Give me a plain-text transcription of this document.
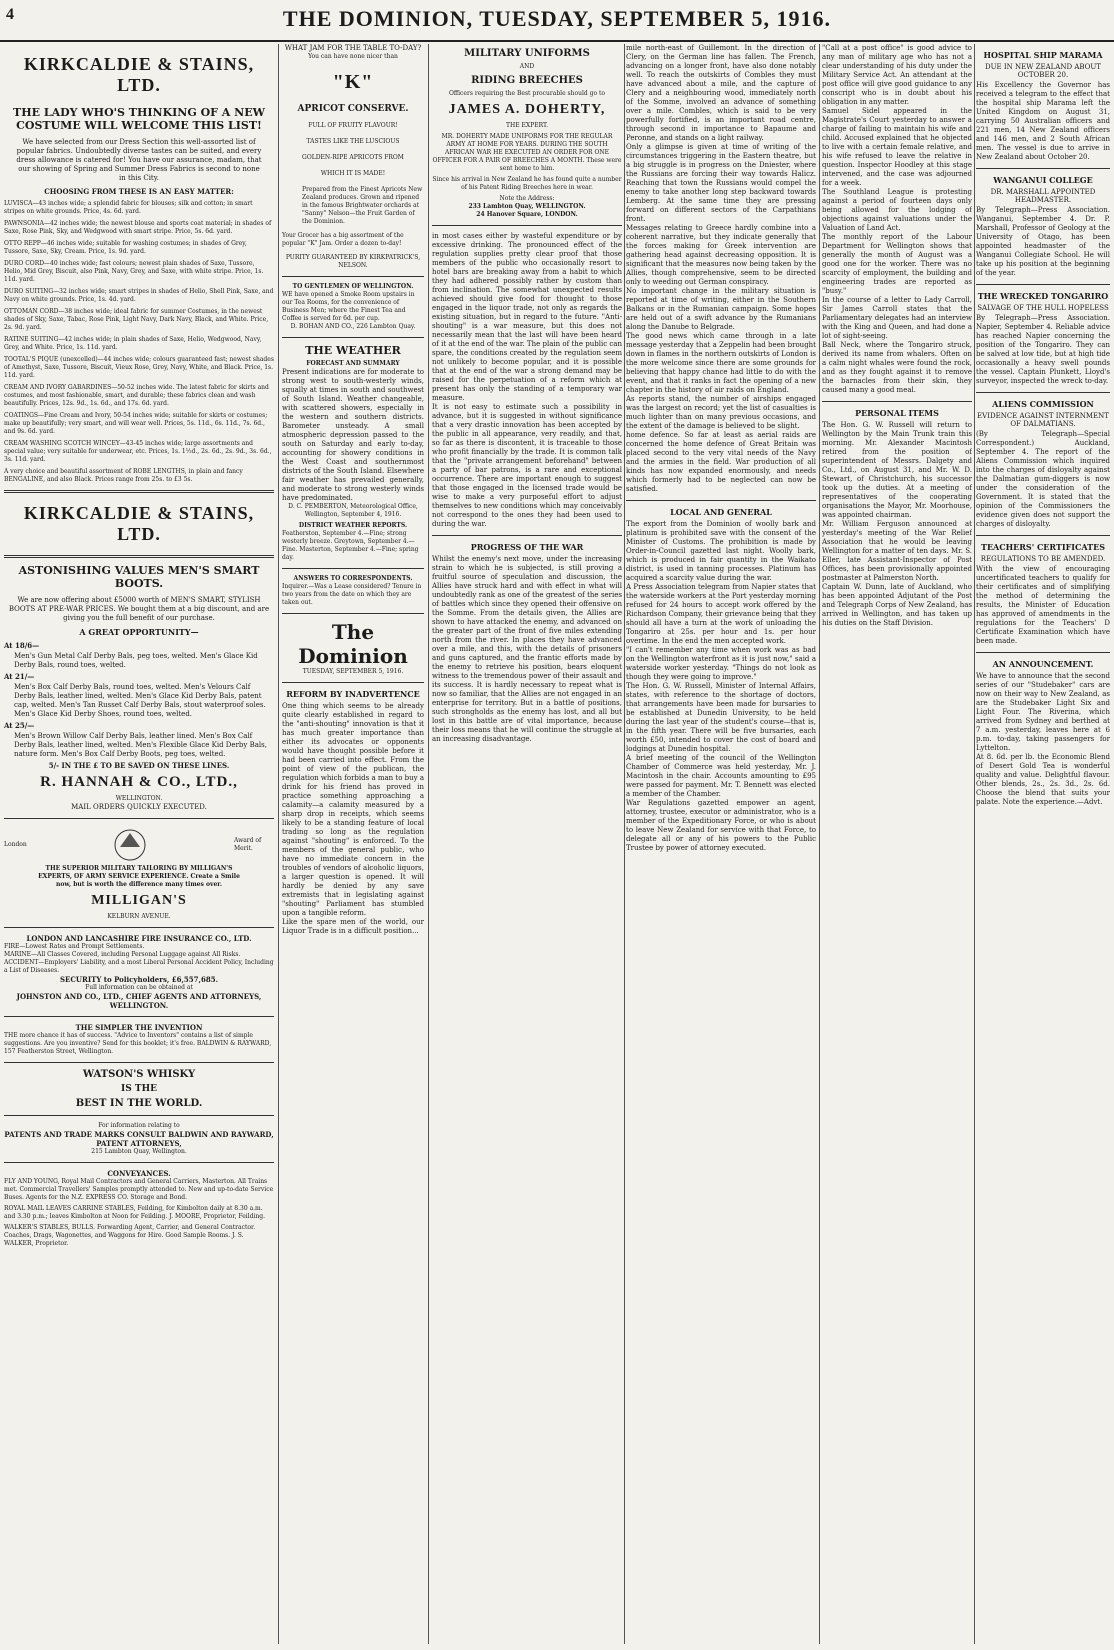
4	THE DOMINION, TUESDAY, SEPTEMBER 5, 1916.
KIRKCALDIE & STAINS, LTD.
THE LADY WHO'S THINKING OF A NEW COSTUME WILL WELCOME THIS LIST!
We have selected from our Dress Section this well-assorted list of popular fabrics. Undoubtedly diverse tastes can be suited, and every dress allowance is catered for! You have our assurance, madam, that our showing of Spring and Summer Dress Fabrics is second to none in this City.
CHOOSING FROM THESE IS AN EASY MATTER:

LUVISCA—43 inches wide; a splendid fabric for blouses; silk and cotton; in smart stripes on white grounds. Price, 4s. 6d. yard.

PAWNSONIA—42 inches wide; the newest blouse and sports coat material; in shades of Saxe, Rose Pink, Sky, and Wedgwood with smart stripe. Price, 5s. 6d. yard.

OTTO REPP—46 inches wide; suitable for washing costumes; in shades of Grey, Tussore, Saxe, Sky, Cream. Price, 1s. 9d. yard.

DURO CORD—40 inches wide; fast colours; newest plain shades of Saxe, Tussore, Helio, Mid Grey, Biscuit, also Pink, Navy, Grey, and Saxe, with white stripe. Price, 1s. 11d. yard.

DURO SUITING—32 inches wide; smart stripes in shades of Helio, Shell Pink, Saxe, and Navy on white grounds. Price, 1s. 4d. yard.

OTTOMAN CORD—38 inches wide; ideal fabric for summer Costumes, in the newest shades of Sky, Saxe, Tabac, Rose Pink, Light Navy, Dark Navy, Black, and White. Price, 2s. 9d. yard.

RATINE SUITING—42 inches wide; in plain shades of Saxe, Helio, Wedgwood, Navy, Grey, and White. Price, 1s. 11d. yard.

TOOTAL'S PIQUE (unexcelled)—44 inches wide; colours guaranteed fast; newest shades of Amethyst, Saxe, Tussore, Biscuit, Vieux Rose, Grey, Navy, White, and Black. Price, 1s. 11d. yard.

CREAM AND IVORY GABARDINES—50-52 inches wide. The latest fabric for skirts and costumes, and most fashionable, smart, and durable; these fabrics clean and wash beautifully. Prices, 12s. 9d., 1s. 6d., and 17s. 6d. yard.

COATINGS—Fine Cream and Ivory, 50-54 inches wide; suitable for skirts or costumes; make up beautifully; very smart, and will wear well. Prices, 5s. 11d., 6s. 11d., 7s. 6d., and 9s. 6d. yard.

CREAM WASHING SCOTCH WINCEY—43-45 inches wide; large assortments and special value; very suitable for underwear, etc. Prices, 1s. 1½d., 2s. 6d., 2s. 9d., 3s. 6d., 3s. 11d. yard.

A very choice and beautiful assortment of ROBE LENGTHS, in plain and fancy BENGALINE, and also Black. Prices range from 25s. to £3 5s.

KIRKCALDIE & STAINS, LTD.
ASTONISHING VALUES MEN'S SMART BOOTS.
We are now offering about £5000 worth of MEN'S SMART, STYLISH BOOTS AT PRE-WAR PRICES. We bought them at a big discount, and are giving you the full benefit of our purchase.
A GREAT OPPORTUNITY—
At 18/6—
Men's Gun Metal Calf Derby Bals, peg toes, welted. Men's Glace Kid Derby Bals, round toes, welted.
At 21/—
Men's Box Calf Derby Bals, round toes, welted. Men's Velours Calf Derby Bals, leather lined, welted. Men's Glace Kid Derby Bals, patent cap, welted. Men's Tan Russet Calf Derby Bals, stout waterproof soles. Men's Glace Kid Derby Shoes, round toes, welted.
At 25/—
Men's Brown Willow Calf Derby Bals, leather lined. Men's Box Calf Derby Bals, leather lined, welted. Men's Flexible Glace Kid Derby Bals, nature form. Men's Box Calf Derby Boots, peg toes, welted.
5/- IN THE £ TO BE SAVED ON THESE LINES.
R. HANNAH & CO., LTD.,
WELLINGTON.
MAIL ORDERS QUICKLY EXECUTED.
London
Award of Merit.
THE SUPERIOR MILITARY TAILORING BY MILLIGAN'S EXPERTS, OF ARMY SERVICE EXPERIENCE. Create a Smile now, but is worth the difference many times over.
MILLIGAN'S
KELBURN AVENUE.
LONDON AND LANCASHIRE FIRE INSURANCE CO., LTD.
FIRE—Lowest Rates and Prompt Settlements.
MARINE—All Classes Covered, including Personal Luggage against All Risks.
ACCIDENT—Employers' Liability, and a most Liberal Personal Accident Policy, Including a List of Diseases.
SECURITY to Policyholders, £6,557,685.
Full information can be obtained at
JOHNSTON AND CO., LTD., CHIEF AGENTS AND ATTORNEYS, WELLINGTON.
THE SIMPLER THE INVENTION
THE more chance it has of success. "Advice to Inventors" contains a list of simple suggestions. Are you inventive? Send for this booklet; it's free. BALDWIN & RAYWARD, 157 Featherston Street, Wellington.
WATSON'S WHISKY
IS THE
BEST IN THE WORLD.
For information relating to
PATENTS AND TRADE MARKS CONSULT BALDWIN AND RAYWARD, PATENT ATTORNEYS,
215 Lambton Quay, Wellington.
CONVEYANCES.
FLY AND YOUNG, Royal Mail Contractors and General Carriers, Masterton. All Trains met. Commercial Travellers' Samples promptly attended to. New and up-to-date Service Buses. Agents for the N.Z. EXPRESS CO. Storage and Bond.
ROYAL MAIL LEAVES CARRINE STABLES, Feilding, for Kimbolton daily at 8.30 a.m. and 3.30 p.m.; leaves Kimbolton at Noon for Feilding. J. MOORE, Proprietor, Feilding.
WALKER'S STABLES, BULLS. Forwarding Agent, Carrier, and General Contractor. Coaches, Drags, Wagonettes, and Waggons for Hire. Good Sample Rooms. J. S. WALKER, Proprietor.
WHAT JAM FOR THE TABLE TO-DAY?
You can have none nicer than
"K"
APRICOT CONSERVE.
FULL OF FRUITY FLAVOUR!
TASTES LIKE THE LUSCIOUS
GOLDEN-RIPE APRICOTS FROM
WHICH IT IS MADE!
Prepared from the Finest Apricots New Zealand produces. Grown and ripened in the famous Brightwater orchards at "Sanny" Nelson—the Fruit Garden of the Dominion.
Your Grocer has a big assortment of the popular "K" Jam. Order a dozen to-day!
PURITY GUARANTEED BY KIRKPATRICK'S, NELSON.
TO GENTLEMEN OF WELLINGTON.
WE have opened a Smoke Room upstairs in our Tea Rooms, for the convenience of Business Men; where the Finest Tea and Coffee is served for 6d. per cup.
D. BOHAN AND CO., 226 Lambton Quay.
THE WEATHER
FORECAST AND SUMMARY
Present indications are for moderate to strong west to south-westerly winds, squally at times in south and southwest of South Island. Weather changeable, with scattered showers, especially in the western and southern districts. Barometer unsteady. A small atmospheric depression passed to the south on Saturday and early to-day, accounting for showery conditions in the West Coast and southernmost districts of the South Island. Elsewhere fair weather has prevailed generally, and moderate to strong westerly winds have predominated.
D. C. PEMBERTON, Meteorological Office, Wellington, September 4, 1916.
DISTRICT WEATHER REPORTS.
Featherston, September 4.—Fine; strong westerly breeze. Greytown, September 4.—Fine. Masterton, September 4.—Fine; spring day.
ANSWERS TO CORRESPONDENTS.
Inquirer.—Was a Lease considered? Tenure in two years from the date on which they are taken out.
The Dominion
TUESDAY, SEPTEMBER 5, 1916.
REFORM BY INADVERTENCE
One thing which seems to be already quite clearly established in regard to the "anti-shouting" innovation is that it has much greater importance than either its advocates or opponents would have thought possible before it had been carried into effect. From the point of view of the publican, the regulation which forbids a man to buy a drink for his friend has proved in practice something approaching a calamity—a calamity measured by a sharp drop in receipts, which seems likely to be a standing feature of local trading so long as the regulation against "shouting" is enforced. To the members of the general public, who have no immediate concern in the troubles of vendors of alcoholic liquors, a larger question is opened. It will hardly be denied by any save extremists that in legislating against "shouting" Parliament has stumbled upon a tangible reform.
Like the spare men of the world, our Liquor Trade is in a difficult position...
MILITARY UNIFORMS
AND
RIDING BREECHES
Officers requiring the Best procurable should go to
JAMES A. DOHERTY,
THE EXPERT.
MR. DOHERTY MADE UNIFORMS FOR THE REGULAR ARMY AT HOME FOR YEARS. DURING THE SOUTH AFRICAN WAR HE EXECUTED AN ORDER FOR ONE OFFICER FOR A PAIR OF BREECHES A MONTH. These were sent home to him.
Since his arrival in New Zealand he has found quite a number of his Patent Riding Breeches here in wear.
Note the Address:
233 Lambton Quay, WELLINGTON.
24 Hanover Square, LONDON.
in most cases either by wasteful expenditure or by excessive drinking. The pronounced effect of the regulation supplies pretty clear proof that those members of the public who occasionally resort to hotel bars are breaking away from a habit to which they had adhered possibly rather by custom than from inclination. The somewhat unexpected results achieved should give food for thought to those engaged in the liquor trade, not only as regards the existing situation, but in regard to the future. "Anti-shouting" is a war measure, but this does not necessarily mean that the last will have been heard of it at the end of the war. The plain of the public can spare, the conditions created by the regulation seem not unlikely to become popular, and it is possible that at the end of the war a strong demand may be raised for the perpetuation of a reform which at present has only the standing of a temporary war measure.
It is not easy to estimate such a possibility in advance, but it is suggested in without significance that a very drastic innovation has been accepted by the public in all appearance, very readily, and that, so far as there is discontent, it is traceable to those who profit financially by the trade. It is common talk that the "private arrangement beforehand" between a party of bar patrons, is a rare and exceptional occurrence. There are important enough to suggest that those engaged in the licensed trade would be wise to make a very purposeful effort to adjust themselves to new conditions which may conceivably not correspond to the ones they had been used to during the war.
PROGRESS OF THE WAR
Whilst the enemy's next move, under the increasing strain to which he is subjected, is still proving a fruitful source of speculation and discussion, the Allies have struck hard and with effect in what will undoubtedly rank as one of the greatest of the series of battles which since they opened their offensive on the Somme. From the details given, the Allies are shown to have attacked the enemy, and advanced on the greater part of the front of five miles extending north from the river. In places they have advanced over a mile, and this, with the details of prisoners and guns captured, and the frantic efforts made by the enemy to retrieve his position, bears eloquent witness to the tremendous power of their assault and its success. It is hardly necessary to repeat what is now so familiar, that the Allies are not engaged in an enterprise for territory. But in a battle of positions, such strongholds as the enemy has lost, and all but lost in this battle are of vital importance, because their loss means that he will continue the struggle at an increasing disadvantage.
mile north-east of Guillemont. In the direction of Clery, on the German line has fallen. The French, advancing on a longer front, have also done notably well. To reach the outskirts of Combles they must have advanced about a mile, and the capture of Clery and a neighbouring wood, immediately north of the Somme, involved an advance of something over a mile. Combles, which is said to be very powerfully fortified, is an important road centre, through second in importance to Bapaume and Peronne, and stands on a light railway.
Only a glimpse is given at time of writing of the circumstances triggering in the Eastern theatre, but a big struggle is in progress on the Dniester, where the Russians are forcing their way towards Halicz. Reaching that town the Russians would compel the enemy to take another long step backward towards Lemberg. At the same time they are pressing forward on different sectors of the Carpathians front.
Messages relating to Greece hardly combine into a coherent narrative, but they indicate generally that the forces making for Greek intervention are gathering head against decreasing opposition. It is significant that the measures now being taken by the Allies, though comprehensive, seem to be directed only to weeding out German conspiracy.
No important change in the military situation is reported at time of writing, either in the Southern Balkans or in the Rumanian campaign. Some hopes are held out of a swift advance by the Rumanians along the Danube to Belgrade.
The good news which came through in a late message yesterday that a Zeppelin had been brought down in flames in the northern outskirts of London is the more welcome since there are some grounds for believing that happy chance had little to do with the event, and that it ranks in fact the opening of a new chapter in the history of air raids on England.
As reports stand, the number of airships engaged was the largest on record; yet the list of casualties is much lighter than on many previous occasions, and the extent of the damage is believed to be slight.
home defence. So far at least as aerial raids are concerned the home defence of Great Britain was placed second to the very vital needs of the Navy and the armies in the field. War production of all kinds has now expanded enormously, and needs which formerly had to be neglected can now be satisfied.
LOCAL AND GENERAL
The export from the Dominion of woolly bark and platinum is prohibited save with the consent of the Minister of Customs. The prohibition is made by Order-in-Council gazetted last night. Woolly bark, which is produced in fair quantity in the Waikato district, is used in tanning processes. Platinum has acquired a scarcity value during the war.
A Press Association telegram from Napier states that the waterside workers at the Port yesterday morning refused for 24 hours to accept work offered by the Richardson Company, their grievance being that they should all have a turn at the work of unloading the Tongariro at 25s. per hour and 1s. per hour overtime. In the end the men accepted work.
"I can't remember any time when work was as bad on the Wellington waterfront as it is just now," said a waterside worker yesterday. "Things do not look as though they were going to improve."
The Hon. G. W. Russell, Minister of Internal Affairs, states, with reference to the shortage of doctors, that arrangements have been made for bursaries to be established at Dunedin University, to be held during the last year of the student's course—that is, in the fifth year. There will be five bursaries, each worth £50, intended to cover the cost of board and lodgings at Dunedin hospital.
A brief meeting of the council of the Wellington Chamber of Commerce was held yesterday, Mr. J. Macintosh in the chair. Accounts amounting to £95 were passed for payment. Mr. T. Bennett was elected a member of the Chamber.
War Regulations gazetted empower an agent, attorney, trustee, executor or administrator, who is a member of the Expeditionary Force, or who is about to leave New Zealand for service with that Force, to delegate all or any of his powers to the Public Trustee by power of attorney executed.
"Call at a post office" is good advice to any man of military age who has not a clear understanding of his duty under the Military Service Act. An attendant at the post office will give good guidance to any conscript who is in doubt about his obligation in any matter.
Samuel Sidel appeared in the Magistrate's Court yesterday to answer a charge of failing to maintain his wife and child. Accused explained that he objected to live with a certain female relative, and his wife refused to leave the relative in question. Inspector Hoodley at this stage intervened, and the case was adjourned for a week.
The Southland League is protesting against a period of fourteen days only being allowed for the lodging of objections against valuations under the Valuation of Land Act.
The monthly report of the Labour Department for Wellington shows that generally the month of August was a good one for the worker. There was no scarcity of employment, the building and engineering trades are reported as "busy."
In the course of a letter to Lady Carroll, Sir James Carroll states that the Parliamentary delegates had an interview with the King and Queen, and had done a lot of sight-seeing.
Ball Neck, where the Tongariro struck, derived its name from whalers. Often on a calm night whales were found the rock, and as they fought against it to remove the barnacles from their skin, they caused many a good meal.
PERSONAL ITEMS
The Hon. G. W. Russell will return to Wellington by the Main Trunk train this morning. Mr. Alexander Macintosh retired from the position of superintendent of Messrs. Dalgety and Co., Ltd., on August 31, and Mr. W. D. Stewart, of Christchurch, his successor took up the duties. At a meeting of representatives of the cooperating organisations the Mayor, Mr. Moorhouse, was appointed chairman.
Mr. William Ferguson announced at yesterday's meeting of the War Relief Association that he would be leaving Wellington for a matter of ten days. Mr. S. Eller, late Assistant-Inspector of Post Offices, has been provisionally appointed postmaster at Palmerston North.
Captain W. Dunn, late of Auckland, who has been appointed Adjutant of the Post and Telegraph Corps of New Zealand, has arrived in Wellington, and has taken up his duties on the Staff Division.
HOSPITAL SHIP MARAMA
DUE IN NEW ZEALAND ABOUT OCTOBER 20.
His Excellency the Governor has received a telegram to the effect that the hospital ship Marama left the United Kingdom on August 31, carrying 50 Australian officers and 221 men, 14 New Zealand officers and 146 men, and 2 South African men. The vessel is due to arrive in New Zealand about October 20.
WANGANUI COLLEGE
DR. MARSHALL APPOINTED HEADMASTER.
By Telegraph—Press Association. Wanganui, September 4. Dr. P. Marshall, Professor of Geology at the University of Otago, has been appointed headmaster of the Wanganui Collegiate School. He will take up his position at the beginning of the year.
THE WRECKED TONGARIRO
SALVAGE OF THE HULL HOPELESS
By Telegraph—Press Association. Napier, September 4. Reliable advice has reached Napier concerning the position of the Tongariro. They can be salved at low tide, but at high tide occasionally a heavy swell pounds the vessel. Captain Plunkett, Lloyd's surveyor, inspected the wreck to-day.
ALIENS COMMISSION
EVIDENCE AGAINST INTERNMENT OF DALMATIANS.
(By Telegraph—Special Correspondent.) Auckland, September 4. The report of the Aliens Commission which inquired into the charges of disloyalty against the Dalmatian gum-diggers is now under the consideration of the Government. It is stated that the opinion of the Commissioners the evidence given does not support the charges of disloyalty.
TEACHERS' CERTIFICATES
REGULATIONS TO BE AMENDED.
With the view of encouraging uncertificated teachers to qualify for their certificates and of simplifying the method of determining the results, the Minister of Education has approved of amendments in the regulations for the Teachers' D Certificate Examination which have been made.
AN ANNOUNCEMENT.
We have to announce that the second series of our "Studebaker" cars are now on their way to New Zealand, as are the Studebaker Light Six and Light Four. The Riverina, which arrived from Sydney and berthed at 7 a.m. yesterday, leaves here at 6 p.m. to-day, taking passengers for Lyttelton.
At 8. 6d. per lb. the Economic Blend of Desert Gold Tea is wonderful quality and value. Delightful flavour. Other blends, 2s., 2s. 3d., 2s. 6d. Choose the blend that suits your palate. Note the experience.—Advt.
